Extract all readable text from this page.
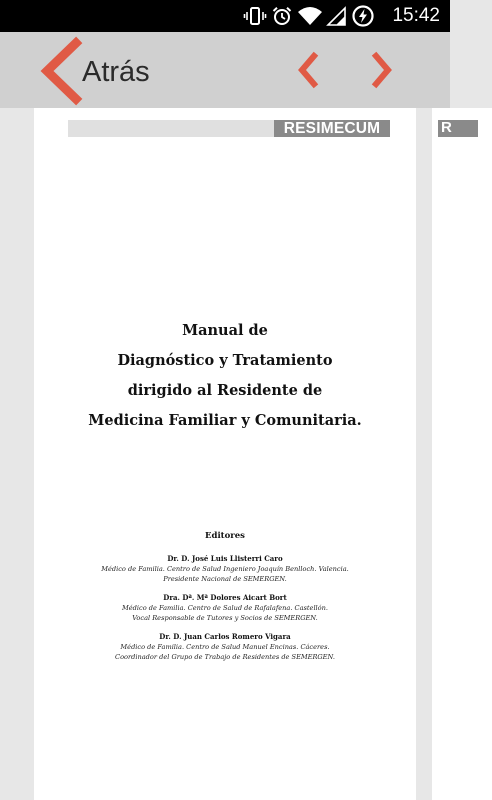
15:42
Atrás
RESIMECUM
Manual de
Diagnóstico y Tratamiento
dirigido al Residente de
Medicina Familiar y Comunitaria.
Editores
Dr. D. José Luis Llisterri Caro
Médico de Familia. Centro de Salud Ingeniero Joaquín Benlloch. Valencia.
Presidente Nacional de SEMERGEN.
Dra. Dª. Mª Dolores Aicart Bort
Médico de Familia. Centro de Salud de Rafalafena. Castellón.
Vocal Responsable de Tutores y Socios de SEMERGEN.
Dr. D. Juan Carlos Romero Vigara
Médico de Familia. Centro de Salud Manuel Encinas. Cáceres.
Coordinador del Grupo de Trabajo de Residentes de SEMERGEN.
R
